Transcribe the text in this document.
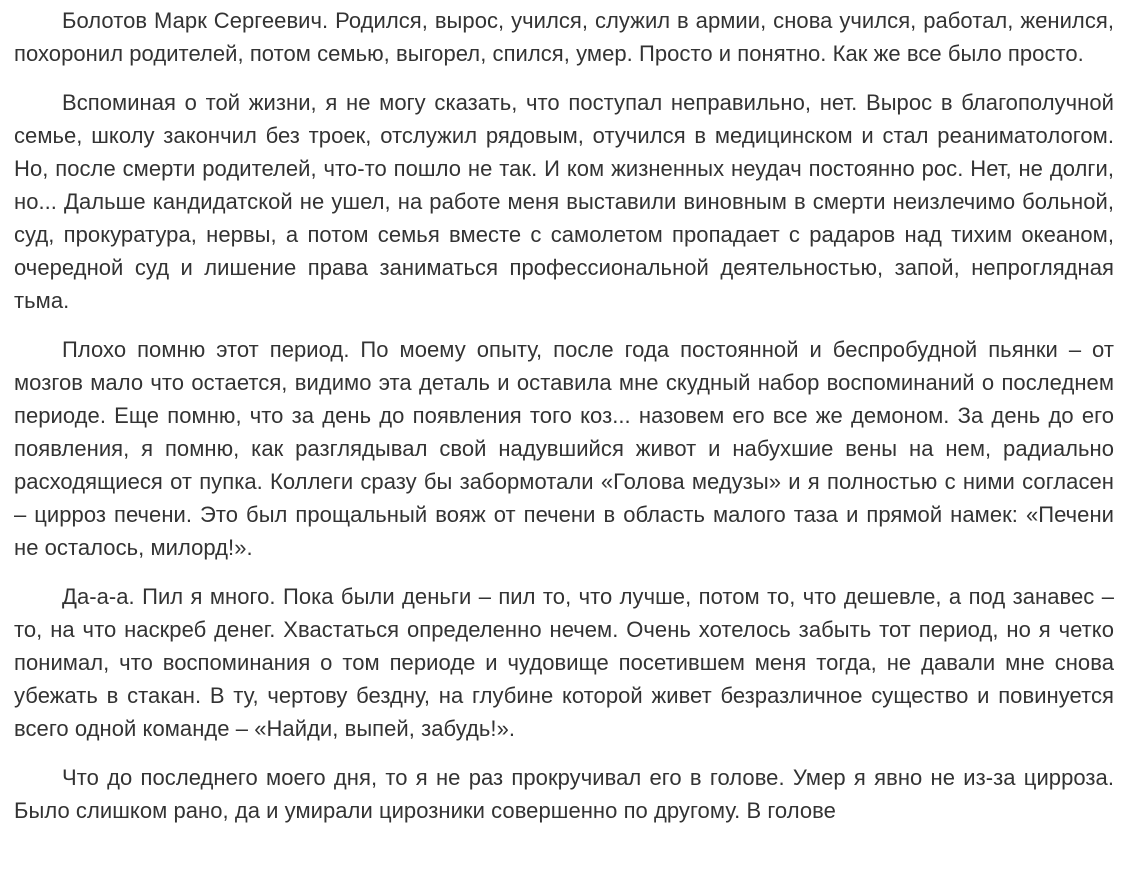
Болотов Марк Сергеевич. Родился, вырос, учился, служил в армии, снова учился, работал, женился, похоронил родителей, потом семью, выгорел, спился, умер. Просто и понятно. Как же все было просто.

Вспоминая о той жизни, я не могу сказать, что поступал неправильно, нет. Вырос в благополучной семье, школу закончил без троек, отслужил рядовым, отучился в медицинском и стал реаниматологом. Но, после смерти родителей, что-то пошло не так. И ком жизненных неудач постоянно рос. Нет, не долги, но... Дальше кандидатской не ушел, на работе меня выставили виновным в смерти неизлечимо больной, суд, прокуратура, нервы, а потом семья вместе с самолетом пропадает с радаров над тихим океаном, очередной суд и лишение права заниматься профессиональной деятельностью, запой, непроглядная тьма.

Плохо помню этот период. По моему опыту, после года постоянной и беспробудной пьянки – от мозгов мало что остается, видимо эта деталь и оставила мне скудный набор воспоминаний о последнем периоде. Еще помню, что за день до появления того коз... назовем его все же демоном. За день до его появления, я помню, как разглядывал свой надувшийся живот и набухшие вены на нем, радиально расходящиеся от пупка. Коллеги сразу бы забормотали «Голова медузы» и я полностью с ними согласен – цирроз печени. Это был прощальный вояж от печени в область малого таза и прямой намек: «Печени не осталось, милорд!».

Да-а-а. Пил я много. Пока были деньги – пил то, что лучше, потом то, что дешевле, а под занавес – то, на что наскреб денег. Хвастаться определенно нечем. Очень хотелось забыть тот период, но я четко понимал, что воспоминания о том периоде и чудовище посетившем меня тогда, не давали мне снова убежать в стакан. В ту, чертову бездну, на глубине которой живет безразличное существо и повинуется всего одной команде – «Найди, выпей, забудь!».

Что до последнего моего дня, то я не раз прокручивал его в голове. Умер я явно не из-за цирроза. Было слишком рано, да и умирали цирозники совершенно по другому. В голове
